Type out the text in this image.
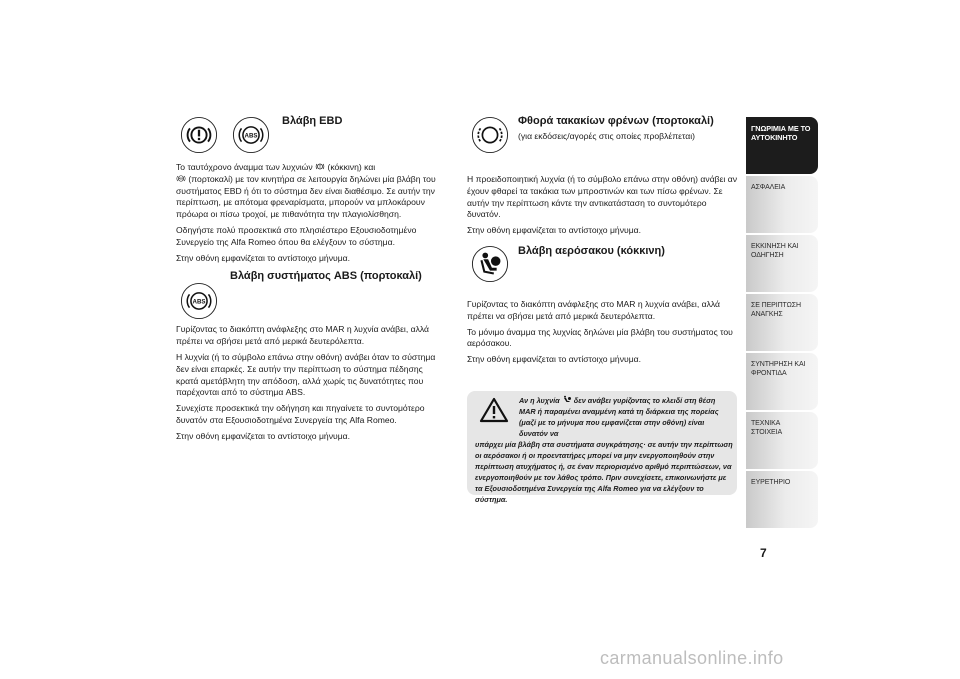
ABS
Βλάβη EBD

Το ταυτόχρονο άναμμα των λυχνιών (κόκκινη) και

ABS (πορτοκαλί) με τον κινητήρα σε λειτουργία δηλώνει μία βλάβη του συστήματος EBD ή ότι το σύστημα δεν είναι διαθέσιμο. Σε αυτήν την περίπτωση, με απότομα φρεναρίσματα, μπορούν να μπλοκάρουν πρόωρα οι πίσω τροχοί, με πιθανότητα την πλαγιολίσθηση.

Οδηγήστε πολύ προσεκτικά στο πλησιέστερο Εξουσιοδοτημένο Συνεργείο της Alfa Romeo όπου θα ελέγξουν το σύστημα.

Στην οθόνη εμφανίζεται το αντίστοιχο μήνυμα.

ABS
Βλάβη συστήματος ABS (πορτοκαλί)

Γυρίζοντας το διακόπτη ανάφλεξης στο MAR η λυχνία ανάβει, αλλά πρέπει να σβήσει μετά από μερικά δευτερόλεπτα.

Η λυχνία (ή το σύμβολο επάνω στην οθόνη) ανάβει όταν το σύστημα δεν είναι επαρκές. Σε αυτήν την περίπτωση το σύστημα πέδησης κρατά αμετάβλητη την απόδοση, αλλά χωρίς τις δυνατότητες που παρέχονται από το σύστημα ABS.

Συνεχίστε προσεκτικά την οδήγηση και πηγαίνετε το συντομότερο δυνατόν στα Εξουσιοδοτημένα Συνεργεία της Alfa Romeo.

Στην οθόνη εμφανίζεται το αντίστοιχο μήνυμα.

Φθορά τακακίων φρένων (πορτοκαλί)
(για εκδόσεις/αγορές στις οποίες προβλέπεται)

Η προειδοποιητική λυχνία (ή το σύμβολο επάνω στην οθόνη) ανάβει αν έχουν φθαρεί τα τακάκια των μπροστινών και των πίσω φρένων. Σε αυτήν την περίπτωση κάντε την αντικατάσταση το συντομότερο δυνατόν.

Στην οθόνη εμφανίζεται το αντίστοιχο μήνυμα.

Βλάβη αερόσακου (κόκκινη)

Γυρίζοντας το διακόπτη ανάφλεξης στο MAR η λυχνία ανάβει, αλλά πρέπει να σβήσει μετά από μερικά δευτερόλεπτα.

Το μόνιμο άναμμα της λυχνίας δηλώνει μία βλάβη του συστήματος του αερόσακου.

Στην οθόνη εμφανίζεται το αντίστοιχο μήνυμα.

Αν η λυχνία δεν ανάβει γυρίζοντας το κλειδί στη θέση MAR ή παραμένει αναμμένη κατά τη διάρκεια της πορείας (μαζί με το μήνυμα που εμφανίζεται στην οθόνη) είναι δυνατόν να
υπάρχει μία βλάβη στα συστήματα συγκράτησης· σε αυτήν την περίπτωση οι αερόσακοι ή οι προεντατήρες μπορεί να μην ενεργοποιηθούν στην περίπτωση ατυχήματος ή, σε έναν περιορισμένο αριθμό περιπτώσεων, να ενεργοποιηθούν με τον λάθος τρόπο. Πριν συνεχίσετε, επικοινωνήστε με τα Εξουσιοδοτημένα Συνεργεία της Alfa Romeo για να ελέγξουν το σύστημα.
ΓΝΩΡΙΜΙΑ ΜΕ ΤΟ ΑΥΤΟΚΙΝΗΤΟ
ΑΣΦΑΛΕΙΑ
ΕΚΚΙΝΗΣΗ ΚΑΙ ΟΔΗΓΗΣΗ
ΣΕ ΠΕΡΙΠΤΩΣΗ ΑΝΑΓΚΗΣ
ΣΥΝΤΗΡΗΣΗ ΚΑΙ ΦΡΟΝΤΙΔΑ
ΤΕΧΝΙΚΑ ΣΤΟΙΧΕΙΑ
ΕΥΡΕΤΗΡΙΟ
7
carmanualsonline.info
